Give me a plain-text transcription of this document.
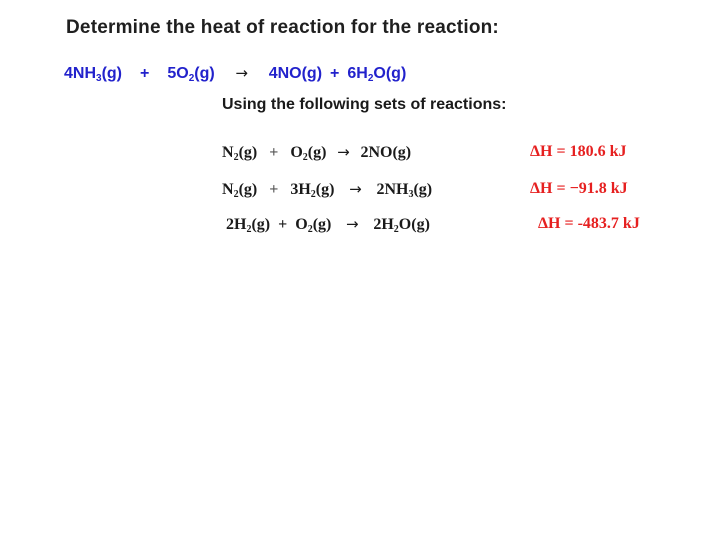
Determine the heat of reaction for the reaction:
$4NH_3(g) + 5O_2(g) \to 4NO(g) + 6H_2O(g)$
Using the following sets of reactions:
$N_2(g) + O_2(g) \to 2NO(g)$	ΔH = 180.6 kJ
$N_2(g) + 3H_2(g) \to 2NH_3(g)$	ΔH = −91.8 kJ
$2H_2(g) + O_2(g) \to 2H_2O(g)$	ΔH = -483.7 kJ
